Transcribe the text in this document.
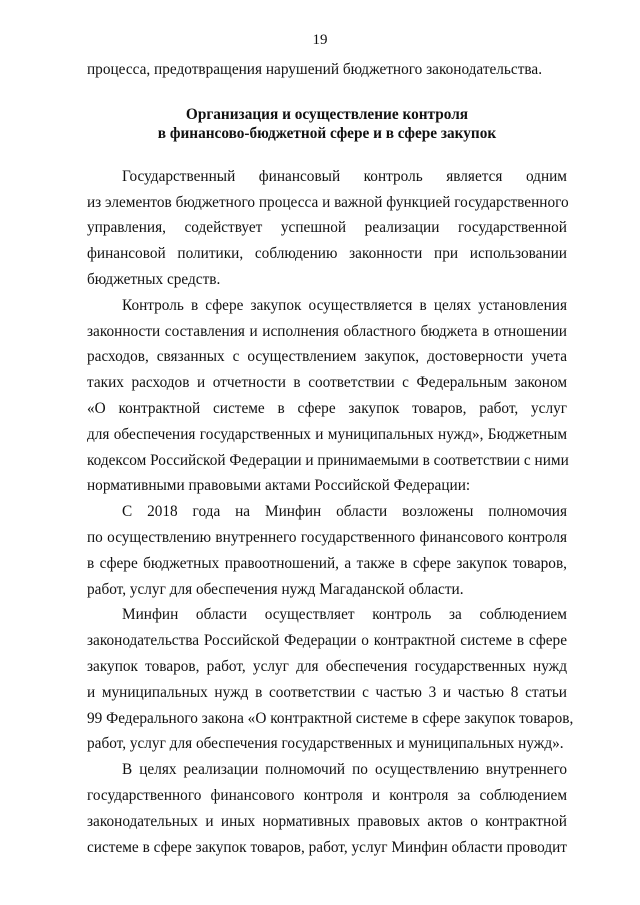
19
процесса, предотвращения нарушений бюджетного законодательства.
Организация и осуществление контроля
в финансово-бюджетной сфере и в сфере закупок
Государственный финансовый контроль является одним
из элементов бюджетного процесса и важной функцией государственного
управления, содействует успешной реализации государственной
финансовой политики, соблюдению законности при использовании
бюджетных средств.
Контроль в сфере закупок осуществляется в целях установления
законности составления и исполнения областного бюджета в отношении
расходов, связанных с осуществлением закупок, достоверности учета
таких расходов и отчетности в соответствии с Федеральным законом
«О контрактной системе в сфере закупок товаров, работ, услуг
для обеспечения государственных и муниципальных нужд», Бюджетным
кодексом Российской Федерации и принимаемыми в соответствии с ними
нормативными правовыми актами Российской Федерации:
С 2018 года на Минфин области возложены полномочия
по осуществлению внутреннего государственного финансового контроля
в сфере бюджетных правоотношений, а также в сфере закупок товаров,
работ, услуг для обеспечения нужд Магаданской области.
Минфин области осуществляет контроль за соблюдением
законодательства Российской Федерации о контрактной системе в сфере
закупок товаров, работ, услуг для обеспечения государственных нужд
и муниципальных нужд в соответствии с частью 3 и частью 8 статьи
99 Федерального закона «О контрактной системе в сфере закупок товаров,
работ, услуг для обеспечения государственных и муниципальных нужд».
В целях реализации полномочий по осуществлению внутреннего
государственного финансового контроля и контроля за соблюдением
законодательных и иных нормативных правовых актов о контрактной
системе в сфере закупок товаров, работ, услуг Минфин области проводит
